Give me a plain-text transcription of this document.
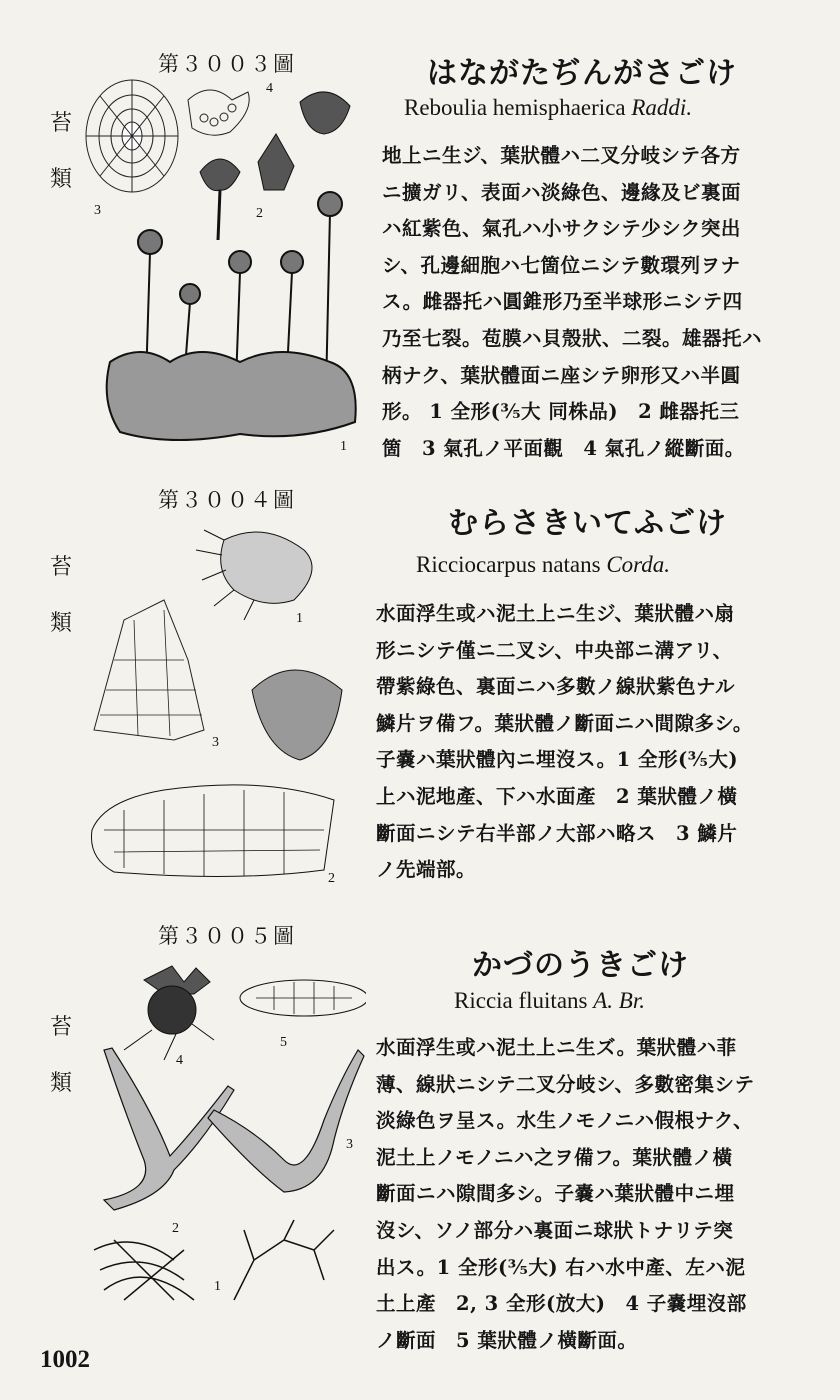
第３００３圖
苔
類
3
4
2
1
はながたぢんがさごけ
Reboulia hemisphaerica Raddi.

地上ニ生ジ、葉狀體ハ二叉分岐シテ各方

ニ擴ガリ、表面ハ淡綠色、邊緣及ビ裏面

ハ紅紫色、氣孔ハ小サクシテ少シク突出

シ、孔邊細胞ハ七箇位ニシテ數環列ヲナ

ス。雌器托ハ圓錐形乃至半球形ニシテ四

乃至七裂。苞膜ハ貝殼狀、二裂。雄器托ハ

柄ナク、葉狀體面ニ座シテ卵形又ハ半圓

形。 1 全形(⅗大 同株品)　2 雌器托三

箇　3 氣孔ノ平面觀　4 氣孔ノ縱斷面。

第３００４圖
苔
類	1
3
2
むらさきいてふごけ
Ricciocarpus natans Corda.

水面浮生或ハ泥土上ニ生ジ、葉狀體ハ扇

形ニシテ僅ニ二叉シ、中央部ニ溝アリ、

帶紫綠色、裏面ニハ多數ノ線狀紫色ナル

鱗片ヲ備フ。葉狀體ノ斷面ニハ間隙多シ。

子嚢ハ葉狀體內ニ埋沒ス。1 全形(⅗大)

上ハ泥地產、下ハ水面產　2 葉狀體ノ橫

斷面ニシテ右半部ノ大部ハ略ス　3 鱗片

ノ先端部。

第３００５圖
苔
類
4
5
2
3
1
かづのうきごけ
Riccia fluitans A. Br.

水面浮生或ハ泥土上ニ生ズ。葉狀體ハ菲

薄、線狀ニシテ二叉分岐シ、多數密集シテ

淡綠色ヲ呈ス。水生ノモノニハ假根ナク、

泥土上ノモノニハ之ヲ備フ。葉狀體ノ橫

斷面ニハ隙間多シ。子嚢ハ葉狀體中ニ埋

沒シ、ソノ部分ハ裏面ニ球狀トナリテ突

出ス。1 全形(⅗大) 右ハ水中產、左ハ泥

土上產　2, 3 全形(放大)　4 子嚢埋沒部

ノ斷面　5 葉狀體ノ橫斷面。

1002
